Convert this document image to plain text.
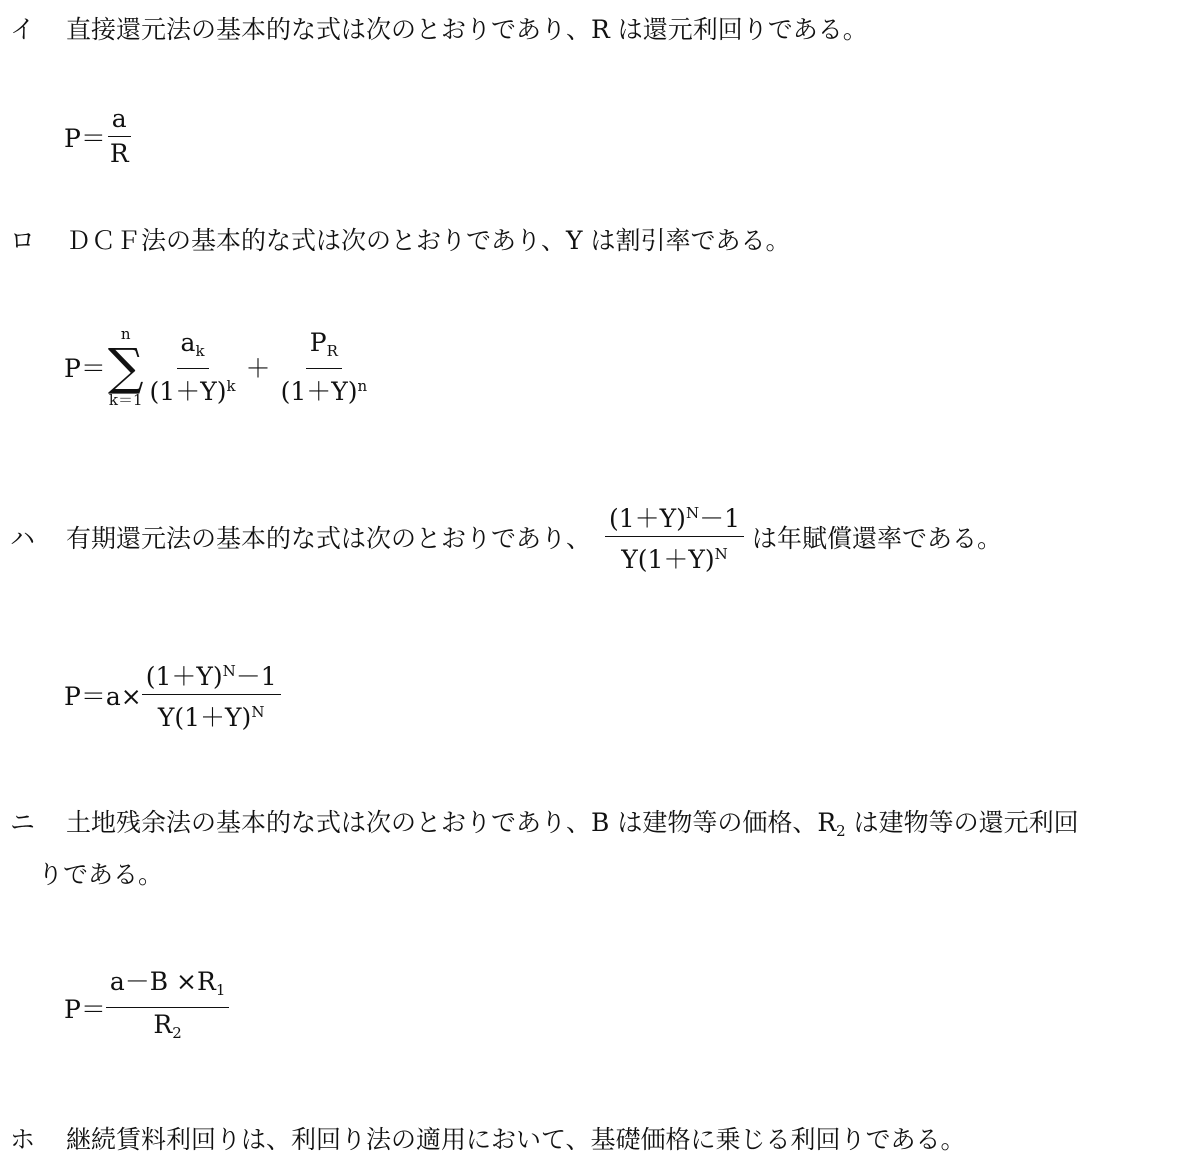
イ 直接還元法の基本的な式は次のとおりであり、R は還元利回りである。
$P= \frac{a}{R}$
ロ ＤＣＦ法の基本的な式は次のとおりであり、Y は割引率である。
P＝
n
∑
$k=1 \frac{a_k}{(1+Y)^k} + \frac{P_R}{(1+Y)^n}$
ハ	有期還元法の基本的な式は次のとおりであり、 $\frac{(1+Y)^N-1}{Y(1+Y)^N}$ は年賦償還率である。
$P=a\times \frac{(1+Y)^N-1}{Y(1+Y)^N}$
ニ 土地残余法の基本的な式は次のとおりであり、B は建物等の価格、$R_2$ は建物等の還元利回
りである。
$P= \frac{a-B \times R_1}{R_2}$
ホ 継続賃料利回りは、利回り法の適用において、基礎価格に乗じる利回りである。
